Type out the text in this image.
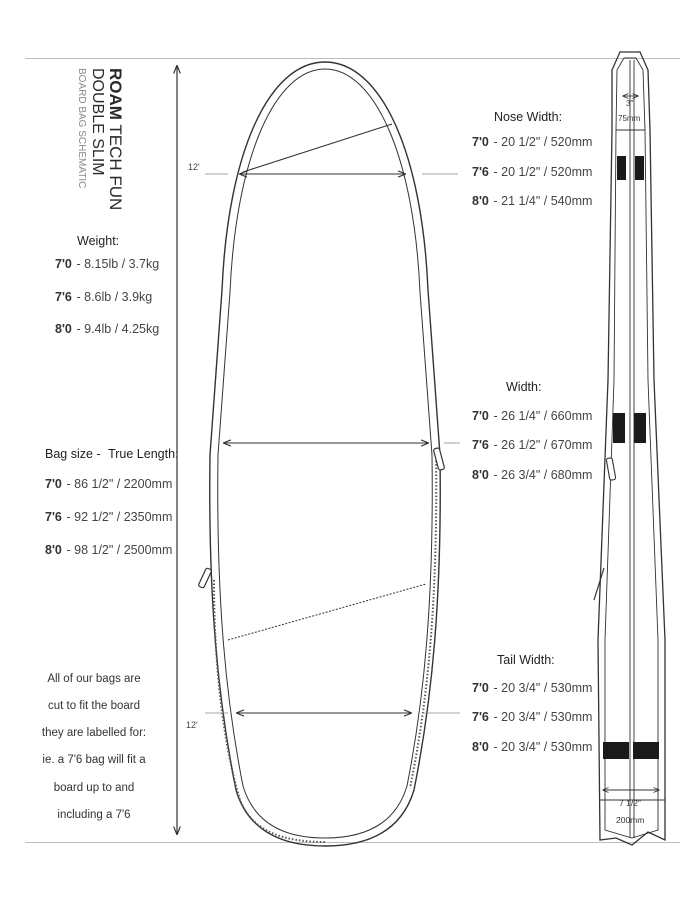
ROAM TECH FUN
DOUBLE SLIM
BOARD BAG SCHEMATIC
Weight:
7'0 - 8.15lb / 3.7kg
7'6 - 8.6lb / 3.9kg
8'0 - 9.4lb / 4.25kg
Bag size - True Length:
7'0 - 86 1/2" / 2200mm
7'6 - 92 1/2" / 2350mm
8'0 - 98 1/2" / 2500mm
All of our bags are
cut to fit the board
they are labelled for:
ie. a 7'6 bag will fit a
board up to and
including a 7'6
Nose Width:
7'0 - 20 1/2" / 520mm
7'6 - 20 1/2" / 520mm
8'0 - 21 1/4" / 540mm
Width:
7'0 - 26 1/4" / 660mm
7'6 - 26 1/2" / 670mm
8'0 - 26 3/4" / 680mm
Tail Width:
7'0 - 20 3/4" / 530mm
7'6 - 20 3/4" / 530mm
8'0 - 20 3/4" / 530mm
12'
12'
3"
75mm
7 1/2"
200mm
